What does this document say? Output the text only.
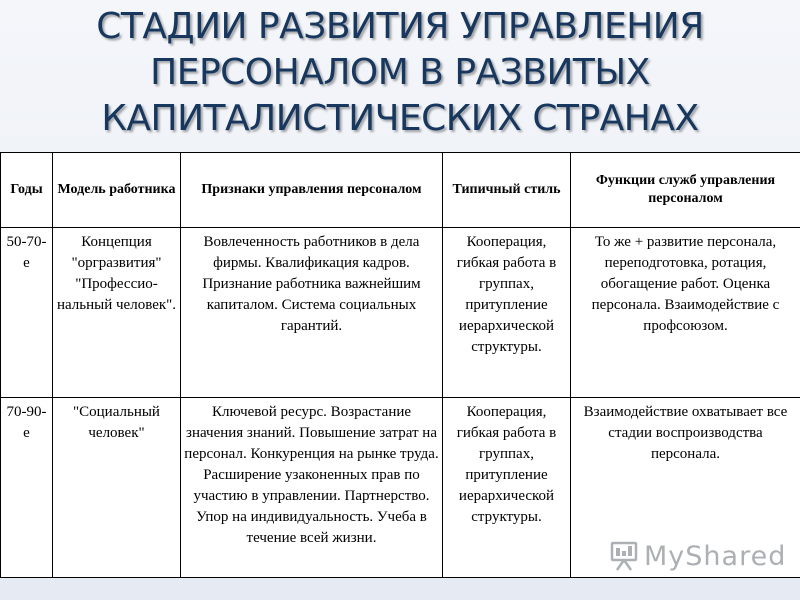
СТАДИИ РАЗВИТИЯ УПРАВЛЕНИЯ
ПЕРСОНАЛОМ В РАЗВИТЫХ
КАПИТАЛИСТИЧЕСКИХ СТРАНАХ
Годы	Модель работника	Признаки управления персоналом	Типичный стиль	Функции служб управления персоналом
50-70-е	Концепция "оргразвития" "Профессиональный человек".	Вовлеченность работников в дела фирмы. Квалификация кадров. Признание работника важнейшим капиталом. Система социальных гарантий.	Кооперация, гибкая работа в группах, притупление иерархической структуры.	То же + развитие персонала, переподготовка, ротация, обогащение работ. Оценка персонала. Взаимодействие с профсоюзом.
70-90-е	"Социальный человек"	Ключевой ресурс. Возрастание значения знаний. Повышение затрат на персонал. Конкуренция на рынке труда. Расширение узаконенных прав по участию в управлении. Партнерство. Упор на индивидуальность. Учеба в течение всей жизни.	Кооперация, гибкая работа в группах, притупление иерархической структуры.	Взаимодействие охватывает все стадии воспроизводства персонала.
MyShared
